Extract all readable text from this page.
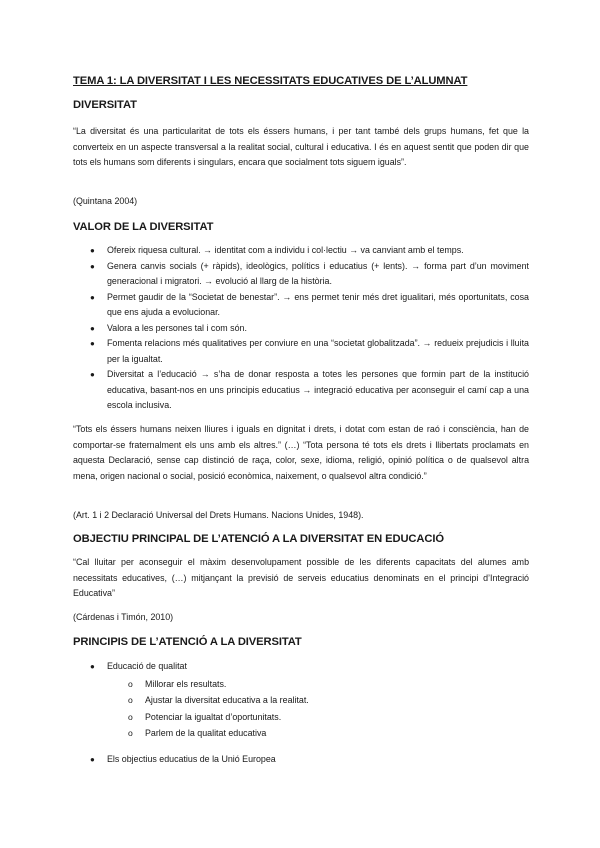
TEMA 1: LA DIVERSITAT I LES NECESSITATS EDUCATIVES DE L’ALUMNAT
DIVERSITAT
“La diversitat és una particularitat de tots els éssers humans, i per tant també dels grups humans, fet que la converteix en un aspecte transversal a la realitat social, cultural i educativa. I és en aquest sentit que poden dir que tots els humans som diferents i singulars, encara que socialment tots siguem iguals”.
(Quintana 2004)
VALOR DE LA DIVERSITAT
● Ofereix riquesa cultural. → identitat com a individu i col·lectiu → va canviant amb el temps.
● Genera canvis socials (+ ràpids), ideològics, polítics i educatius (+ lents). → forma part d’un moviment generacional i migratori. → evolució al llarg de la història.
● Permet gaudir de la “Societat de benestar”. → ens permet tenir més dret igualitari, més oportunitats, cosa que ens ajuda a evolucionar.
● Valora a les persones tal i com són.
● Fomenta relacions més qualitatives per conviure en una “societat globalitzada”. → redueix prejudicis i lluita per la igualtat.
● Diversitat a l’educació → s’ha de donar resposta a totes les persones que formin part de la institució educativa, basant-nos en uns principis educatius → integració educativa per aconseguir el camí cap a una escola inclusiva.
“Tots els éssers humans neixen lliures i iguals en dignitat i drets, i dotat com estan de raó i consciència, han de comportar-se fraternalment els uns amb els altres.” (…) “Tota persona té tots els drets i llibertats proclamats en aquesta Declaració, sense cap distinció de raça, color, sexe, idioma, religió, opinió política o de qualsevol altra mena, origen nacional o social, posició econòmica, naixement, o qualsevol altra condició.”
(Art. 1 i 2 Declaració Universal del Drets Humans. Nacions Unides, 1948).
OBJECTIU PRINCIPAL DE L’ATENCIÓ A LA DIVERSITAT EN EDUCACIÓ
“Cal lluitar per aconseguir el màxim desenvolupament possible de les diferents capacitats del alumes amb necessitats educatives, (…) mitjançant la previsió de serveis educatius denominats en el principi d’Integració Educativa”
(Cárdenas i Timón, 2010)
PRINCIPIS DE L’ATENCIÓ A LA DIVERSITAT
● Educació de qualitat
o Millorar els resultats.
o Ajustar la diversitat educativa a la realitat.
o Potenciar la igualtat d’oportunitats.
o Parlem de la qualitat educativa
● Els objectius educatius de la Unió Europea
